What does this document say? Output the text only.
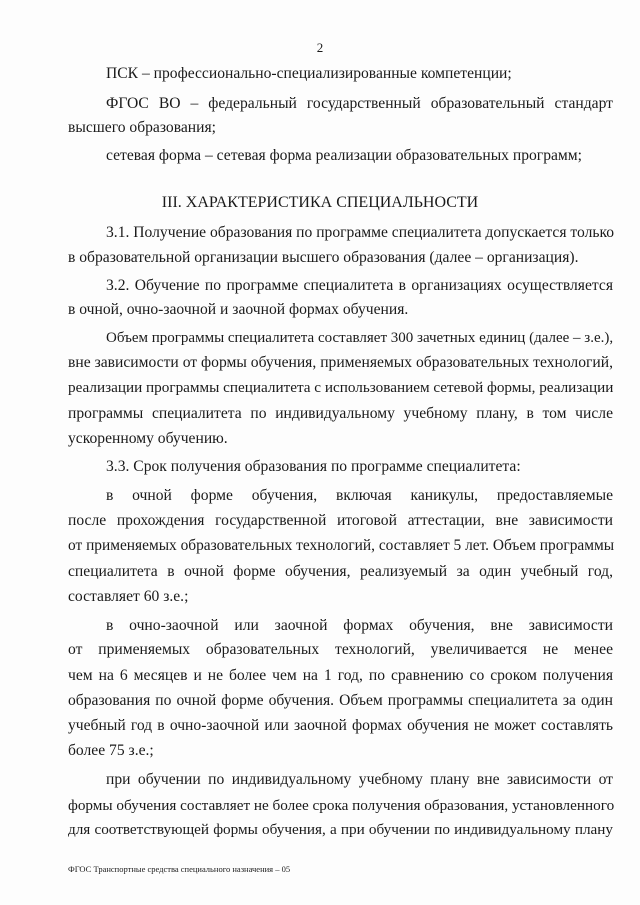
2
ПСК – профессионально-специализированные компетенции;
ФГОС ВО – федеральный государственный образовательный стандарт
высшего образования;
сетевая форма – сетевая форма реализации образовательных программ;
III. ХАРАКТЕРИСТИКА СПЕЦИАЛЬНОСТИ
3.1. Получение образования по программе специалитета допускается только
в образовательной организации высшего образования (далее – организация).
3.2. Обучение по программе специалитета в организациях осуществляется
в очной, очно-заочной и заочной формах обучения.
Объем программы специалитета составляет 300 зачетных единиц (далее – з.е.),
вне зависимости от формы обучения, применяемых образовательных технологий,
реализации программы специалитета с использованием сетевой формы, реализации
программы специалитета по индивидуальному учебному плану, в том числе
ускоренному обучению.
3.3. Срок получения образования по программе специалитета:
в очной форме обучения, включая каникулы, предоставляемые
после прохождения государственной итоговой аттестации, вне зависимости
от применяемых образовательных технологий, составляет 5 лет. Объем программы
специалитета в очной форме обучения, реализуемый за один учебный год,
составляет 60 з.е.;
в очно-заочной или заочной формах обучения, вне зависимости
от применяемых образовательных технологий, увеличивается не менее
чем на 6 месяцев и не более чем на 1 год, по сравнению со сроком получения
образования по очной форме обучения. Объем программы специалитета за один
учебный год в очно-заочной или заочной формах обучения не может составлять
более 75 з.е.;
при обучении по индивидуальному учебному плану вне зависимости от
формы обучения составляет не более срока получения образования, установленного
для соответствующей формы обучения, а при обучении по индивидуальному плану
ФГОС Транспортные средства специального назначения – 05
